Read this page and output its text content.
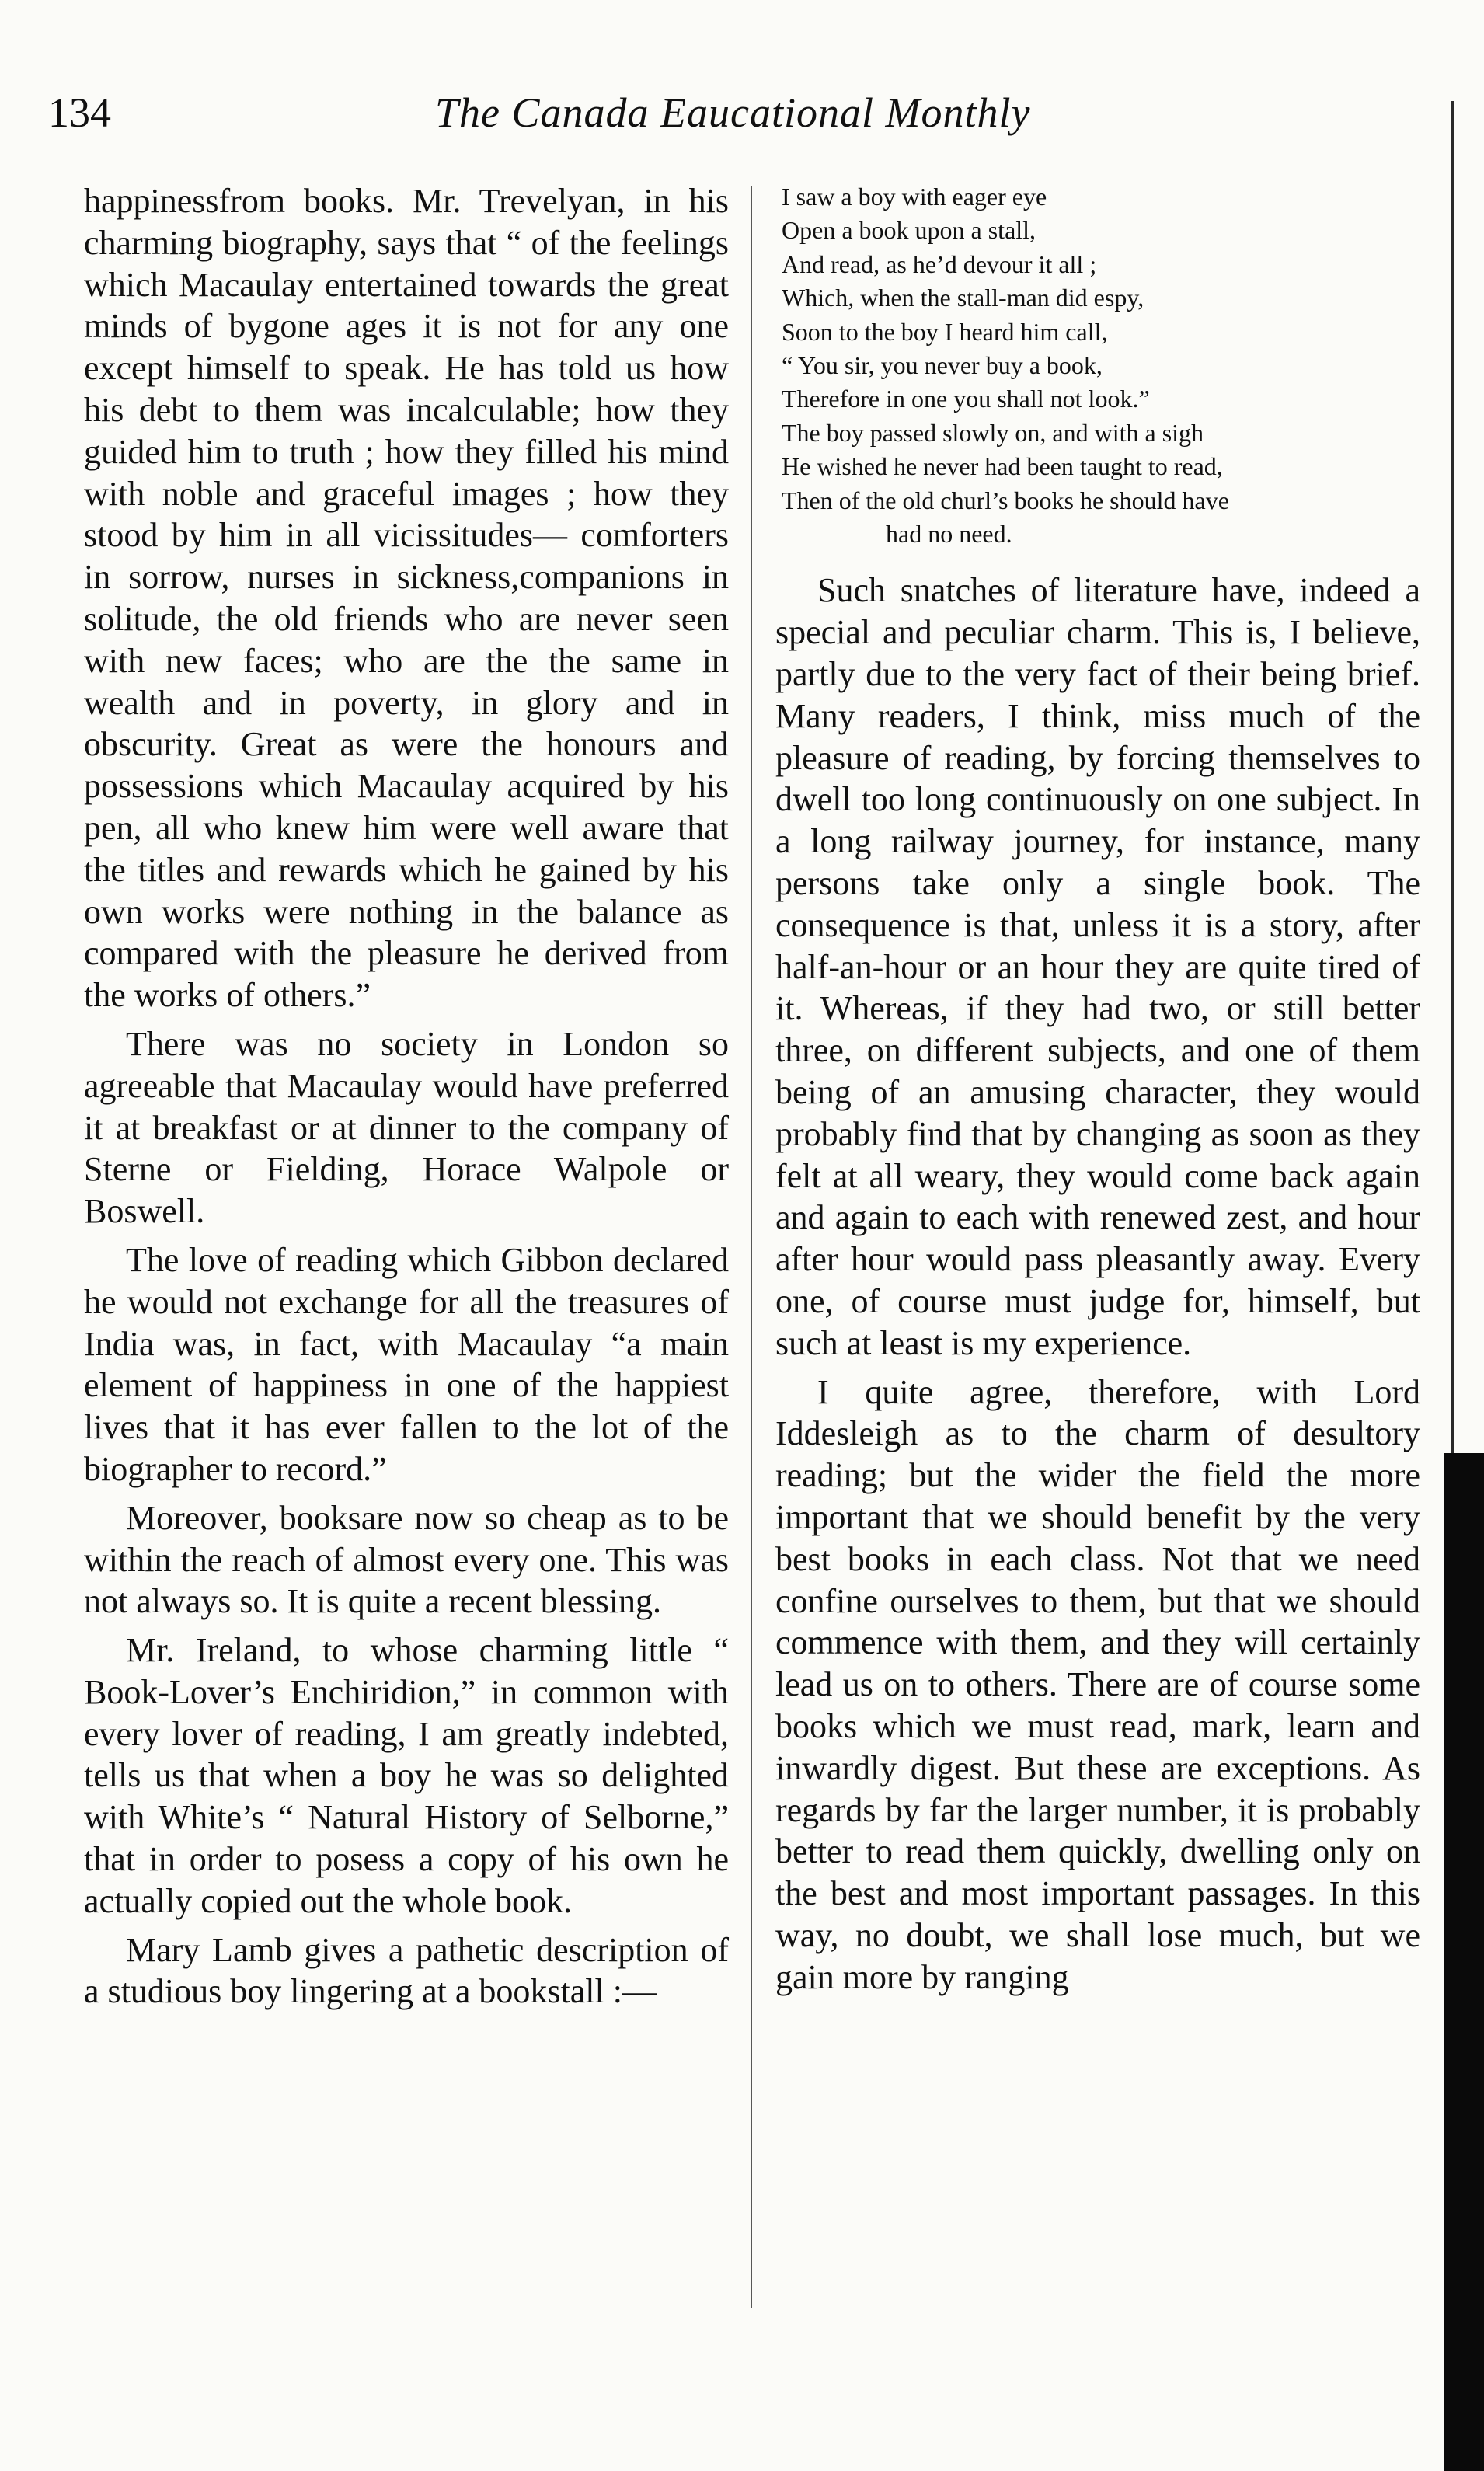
134	The Canada Eaucational Monthly

happinessfrom books. Mr. Trevelyan, in his charming biography, says that “ of the feelings which Macaulay entertained towards the great minds of bygone ages it is not for any one except himself to speak. He has told us how his debt to them was incalculable; how they guided him to truth ; how they filled his mind with noble and graceful images ; how they stood by him in all vicissitudes— comforters in sorrow, nurses in sickness,companions in solitude, the old friends who are never seen with new faces; who are the the same in wealth and in poverty, in glory and in obscurity. Great as were the honours and possessions which Macaulay acquired by his pen, all who knew him were well aware that the titles and rewards which he gained by his own works were nothing in the balance as compared with the pleasure he derived from the works of others.”

There was no society in London so agreeable that Macaulay would have preferred it at breakfast or at dinner to the company of Sterne or Fielding, Horace Walpole or Boswell.

The love of reading which Gibbon declared he would not exchange for all the treasures of India was, in fact, with Macaulay “a main element of happiness in one of the happiest lives that it has ever fallen to the lot of the biographer to record.”

Moreover, booksare now so cheap as to be within the reach of almost every one. This was not always so. It is quite a recent blessing.

Mr. Ireland, to whose charming little “ Book-Lover’s Enchiridion,” in common with every lover of reading, I am greatly indebted, tells us that when a boy he was so delighted with White’s “ Natural History of Selborne,” that in order to posess a copy of his own he actually copied out the whole book.

Mary Lamb gives a pathetic description of a studious boy lingering at a bookstall :—

I saw a boy with eager eye
Open a book upon a stall,
And read, as he’d devour it all ;
Which, when the stall-man did espy,
Soon to the boy I heard him call,
“ You sir, you never buy a book,
Therefore in one you shall not look.”
The boy passed slowly on, and with a sigh
He wished he never had been taught to read,
Then of the old churl’s books he should have
had no need.

Such snatches of literature have, indeed a special and peculiar charm. This is, I believe, partly due to the very fact of their being brief. Many readers, I think, miss much of the pleasure of reading, by forcing themselves to dwell too long continuously on one subject. In a long railway journey, for instance, many persons take only a single book. The consequence is that, unless it is a story, after half-an-hour or an hour they are quite tired of it. Whereas, if they had two, or still better three, on different subjects, and one of them being of an amusing character, they would probably find that by changing as soon as they felt at all weary, they would come back again and again to each with renewed zest, and hour after hour would pass pleasantly away. Every one, of course must judge for, himself, but such at least is my experience.

I quite agree, therefore, with Lord Iddesleigh as to the charm of desultory reading; but the wider the field the more important that we should benefit by the very best books in each class. Not that we need confine ourselves to them, but that we should commence with them, and they will certainly lead us on to others. There are of course some books which we must read, mark, learn and inwardly digest. But these are exceptions. As regards by far the larger number, it is probably better to read them quickly, dwelling only on the best and most important passages. In this way, no doubt, we shall lose much, but we gain more by ranging
